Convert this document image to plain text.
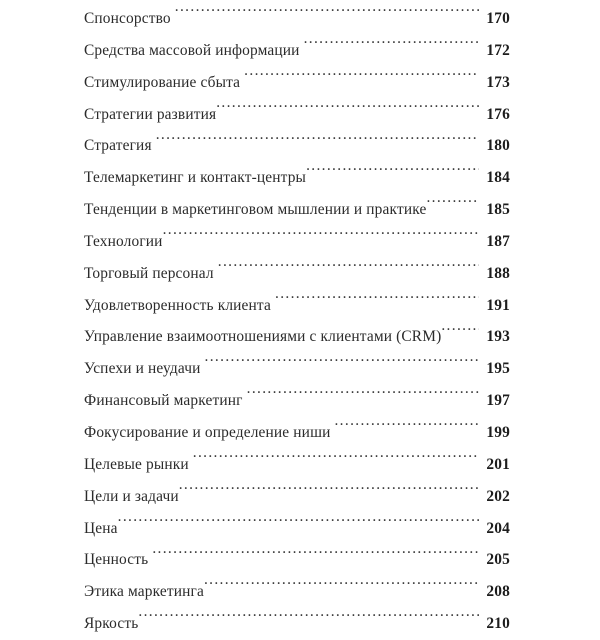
Спонсорство .....	170
Средства массовой информации .....	172
Стимулирование сбыта .....	173
Стратегии развития .....	176
Стратегия .....	180
Телемаркетинг и контакт-центры .....	184
Тенденции в маркетинговом мышлении и практике .....	185
Технологии .....	187
Торговый персонал .....	188
Удовлетворенность клиента .....	191
Управление взаимоотношениями с клиентами (CRM) .....	193
Успехи и неудачи .....	195
Финансовый маркетинг .....	197
Фокусирование и определение ниши .....	199
Целевые рынки .....	201
Цели и задачи .....	202
Цена .....	204
Ценность .....	205
Этика маркетинга .....	208
Яркость .....	210
